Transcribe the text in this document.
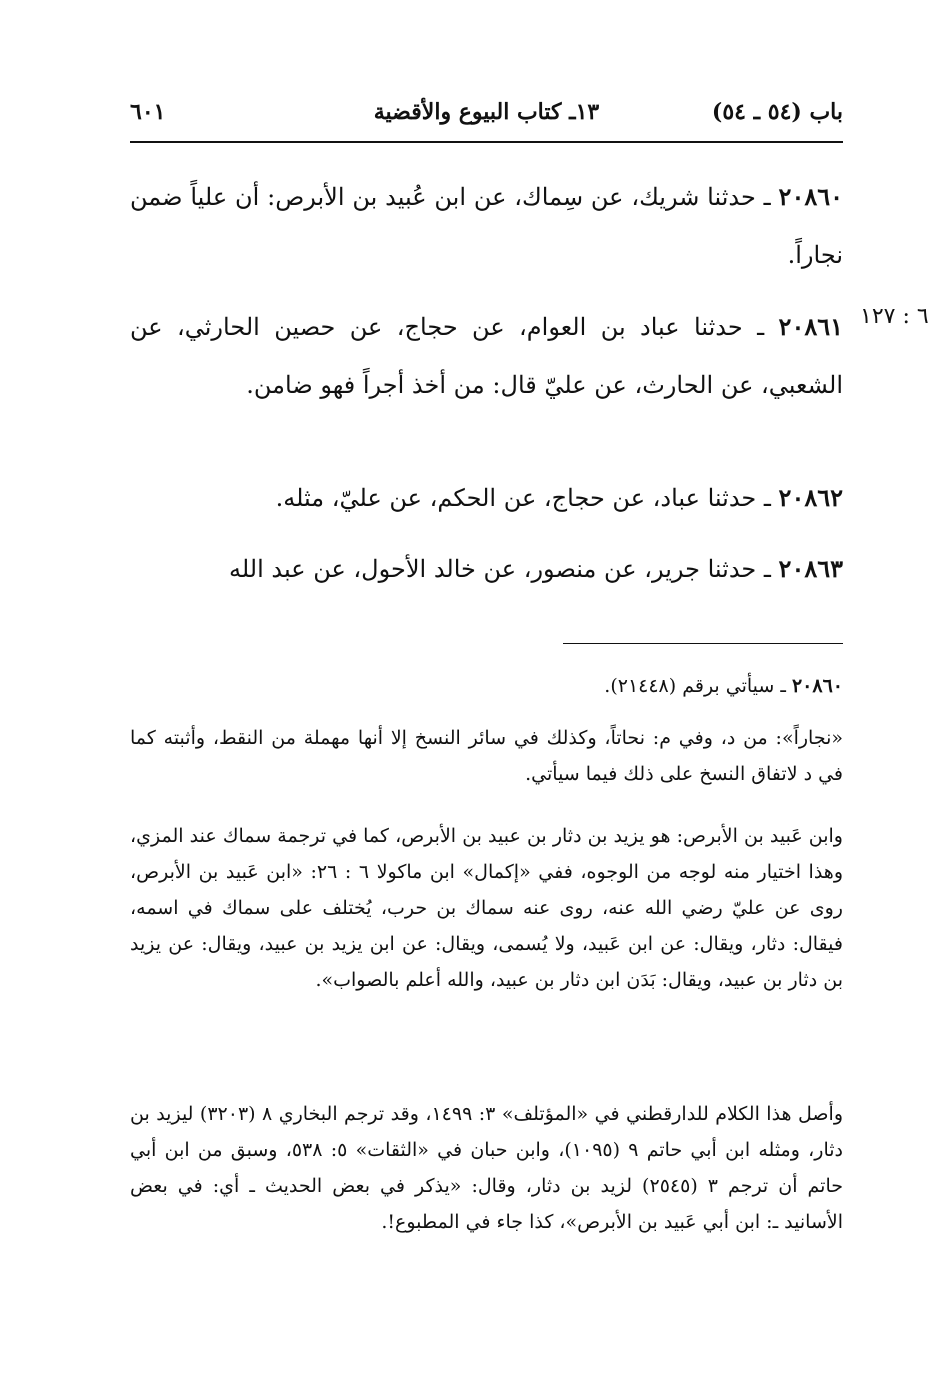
باب (٥٤ ـ ٥٤)
١٣ـ كتاب البيوع والأقضية
٦٠١
٢٠٨٦٠ ـ حدثنا شريك، عن سِماك، عن ابن عُبيد بن الأبرص: أن علياً ضمن نجاراً.
٢٠٨٦١ ـ حدثنا عباد بن العوام، عن حجاج، عن حصين الحارثي، عن الشعبي، عن الحارث، عن عليّ قال: من أخذ أجراً فهو ضامن.
٦ : ١٢٧
٢٠٨٦٢ ـ حدثنا عباد، عن حجاج، عن الحكم، عن عليّ، مثله.
٢٠٨٦٣ ـ حدثنا جرير، عن منصور، عن خالد الأحول، عن عبد الله
٢٠٨٦٠ ـ سيأتي برقم (٢١٤٤٨).
«نجاراً»: من د، وفي م: نحاتاً، وكذلك في سائر النسخ إلا أنها مهملة من النقط، وأثبته كما في د لاتفاق النسخ على ذلك فيما سيأتي.
وابن عَبيد بن الأبرص: هو يزيد بن دثار بن عبيد بن الأبرص، كما في ترجمة سماك عند المزي، وهذا اختيار منه لوجه من الوجوه، ففي «إكمال» ابن ماكولا ٦ : ٢٦: «ابن عَبيد بن الأبرص، روى عن عليّ رضي الله عنه، روى عنه سماك بن حرب، يُختلف على سماك في اسمه، فيقال: دثار، ويقال: عن ابن عَبيد، ولا يُسمى، ويقال: عن ابن يزيد بن عبيد، ويقال: عن يزيد بن دثار بن عبيد، ويقال: بَدَن ابن دثار بن عبيد، والله أعلم بالصواب».
وأصل هذا الكلام للدارقطني في «المؤتلف» ٣: ١٤٩٩، وقد ترجم البخاري ٨ (٣٢٠٣) ليزيد بن دثار، ومثله ابن أبي حاتم ٩ (١٠٩٥)، وابن حبان في «الثقات» ٥: ٥٣٨، وسبق من ابن أبي حاتم أن ترجم ٣ (٢٥٤٥) لزيد بن دثار، وقال: «يذكر في بعض الحديث ـ أي: في بعض الأسانيد ـ: ابن أبي عَبيد بن الأبرص»، كذا جاء في المطبوع!.
